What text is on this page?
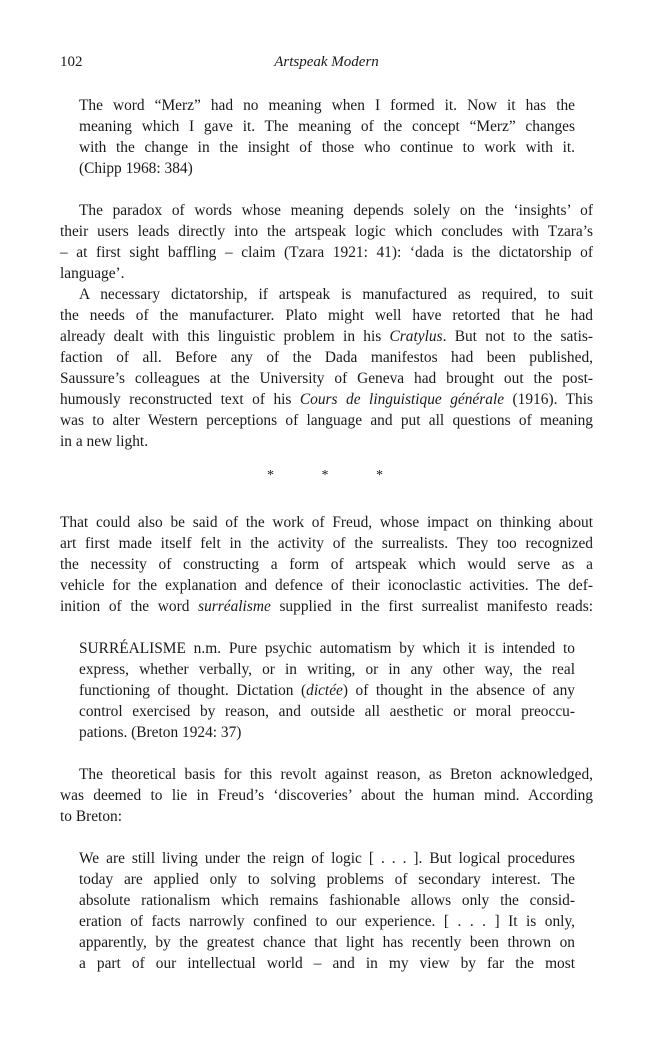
102	Artspeak Modern
The word “Merz” had no meaning when I formed it. Now it has the
meaning which I gave it. The meaning of the concept “Merz” changes
with the change in the insight of those who continue to work with it.
(Chipp 1968: 384)
The paradox of words whose meaning depends solely on the ‘insights’ of
their users leads directly into the artspeak logic which concludes with Tzara’s
– at first sight baffling – claim (Tzara 1921: 41): ‘dada is the dictatorship of
language’.
A necessary dictatorship, if artspeak is manufactured as required, to suit
the needs of the manufacturer. Plato might well have retorted that he had
already dealt with this linguistic problem in his Cratylus. But not to the satis-
faction of all. Before any of the Dada manifestos had been published,
Saussure’s colleagues at the University of Geneva had brought out the post-
humously reconstructed text of his Cours de linguistique générale (1916). This
was to alter Western perceptions of language and put all questions of meaning
in a new light.
*	*	*
That could also be said of the work of Freud, whose impact on thinking about
art first made itself felt in the activity of the surrealists. They too recognized
the necessity of constructing a form of artspeak which would serve as a
vehicle for the explanation and defence of their iconoclastic activities. The def-
inition of the word surréalisme supplied in the first surrealist manifesto reads:
SURRÉALISME n.m. Pure psychic automatism by which it is intended to
express, whether verbally, or in writing, or in any other way, the real
functioning of thought. Dictation (dictée) of thought in the absence of any
control exercised by reason, and outside all aesthetic or moral preoccu-
pations. (Breton 1924: 37)
The theoretical basis for this revolt against reason, as Breton acknowledged,
was deemed to lie in Freud’s ‘discoveries’ about the human mind. According
to Breton:
We are still living under the reign of logic [ . . . ]. But logical procedures
today are applied only to solving problems of secondary interest. The
absolute rationalism which remains fashionable allows only the consid-
eration of facts narrowly confined to our experience. [ . . . ] It is only,
apparently, by the greatest chance that light has recently been thrown on
a part of our intellectual world – and in my view by far the most
